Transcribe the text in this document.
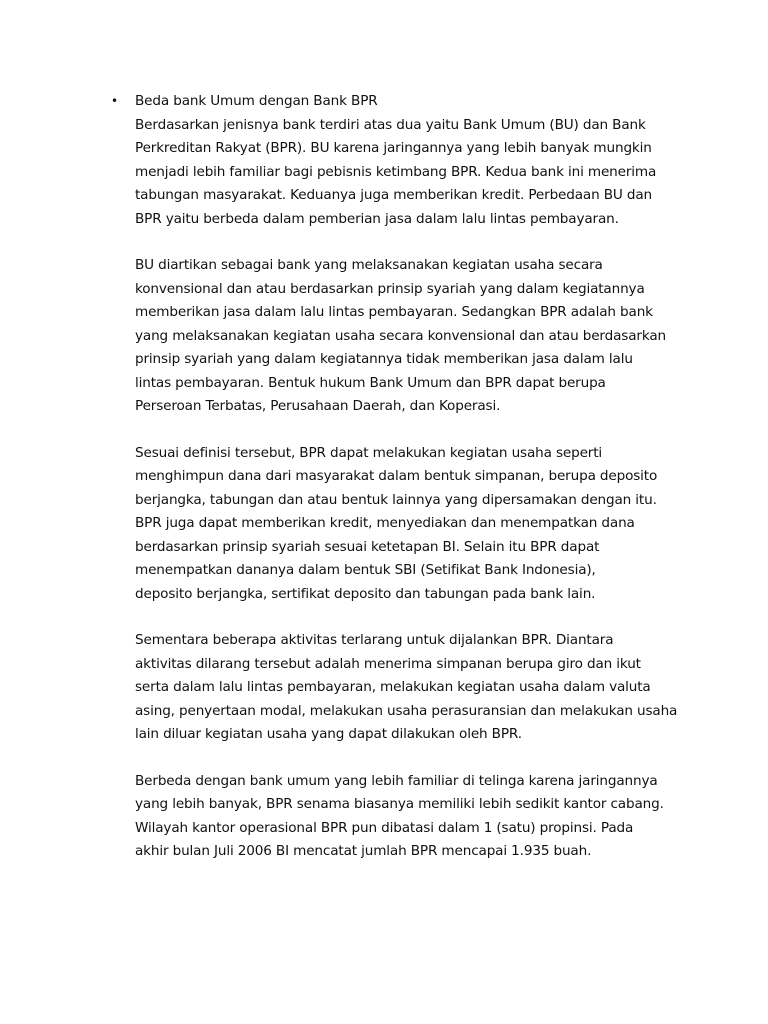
• Beda bank Umum dengan Bank BPR
Berdasarkan jenisnya bank terdiri atas dua yaitu Bank Umum (BU) dan Bank
Perkreditan Rakyat (BPR). BU karena jaringannya yang lebih banyak mungkin
menjadi lebih familiar bagi pebisnis ketimbang BPR. Kedua bank ini menerima
tabungan masyarakat. Keduanya juga memberikan kredit. Perbedaan BU dan
BPR yaitu berbeda dalam pemberian jasa dalam lalu lintas pembayaran.
BU diartikan sebagai bank yang melaksanakan kegiatan usaha secara
konvensional dan atau berdasarkan prinsip syariah yang dalam kegiatannya
memberikan jasa dalam lalu lintas pembayaran. Sedangkan BPR adalah bank
yang melaksanakan kegiatan usaha secara konvensional dan atau berdasarkan
prinsip syariah yang dalam kegiatannya tidak memberikan jasa dalam lalu
lintas pembayaran. Bentuk hukum Bank Umum dan BPR dapat berupa
Perseroan Terbatas, Perusahaan Daerah, dan Koperasi.
Sesuai definisi tersebut, BPR dapat melakukan kegiatan usaha seperti
menghimpun dana dari masyarakat dalam bentuk simpanan, berupa deposito
berjangka, tabungan dan atau bentuk lainnya yang dipersamakan dengan itu.
BPR juga dapat memberikan kredit, menyediakan dan menempatkan dana
berdasarkan prinsip syariah sesuai ketetapan BI. Selain itu BPR dapat
menempatkan dananya dalam bentuk SBI (Setifikat Bank Indonesia),
deposito berjangka, sertifikat deposito dan tabungan pada bank lain.
Sementara beberapa aktivitas terlarang untuk dijalankan BPR. Diantara
aktivitas dilarang tersebut adalah menerima simpanan berupa giro dan ikut
serta dalam lalu lintas pembayaran, melakukan kegiatan usaha dalam valuta
asing, penyertaan modal, melakukan usaha perasuransian dan melakukan usaha
lain diluar kegiatan usaha yang dapat dilakukan oleh BPR.
Berbeda dengan bank umum yang lebih familiar di telinga karena jaringannya
yang lebih banyak, BPR senama biasanya memiliki lebih sedikit kantor cabang.
Wilayah kantor operasional BPR pun dibatasi dalam 1 (satu) propinsi. Pada
akhir bulan Juli 2006 BI mencatat jumlah BPR mencapai 1.935 buah.
